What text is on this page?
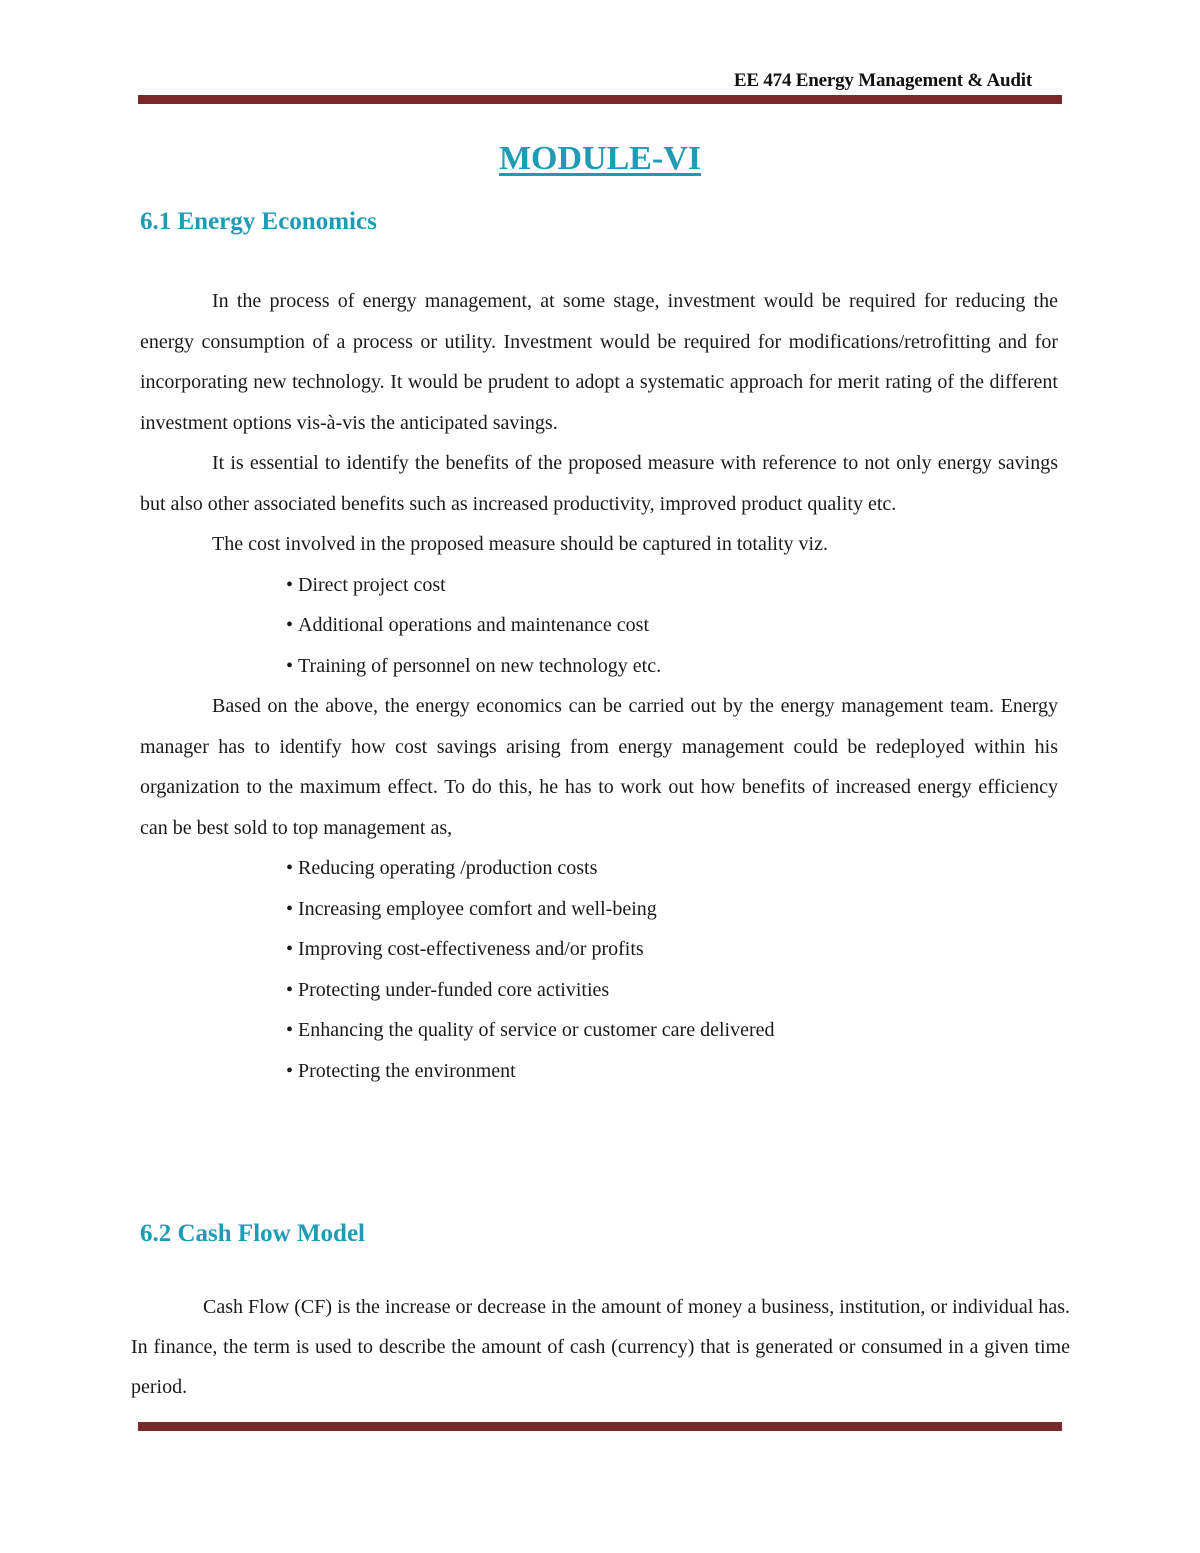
EE 474 Energy Management & Audit
MODULE-VI
6.1 Energy Economics

In the process of energy management, at some stage, investment would be required for reducing the energy consumption of a process or utility. Investment would be required for modifications/retrofitting and for incorporating new technology. It would be prudent to adopt a systematic approach for merit rating of the different investment options vis-à-vis the anticipated savings.

It is essential to identify the benefits of the proposed measure with reference to not only energy savings but also other associated benefits such as increased productivity, improved product quality etc.

The cost involved in the proposed measure should be captured in totality viz.

• Direct project cost
• Additional operations and maintenance cost
• Training of personnel on new technology etc.

Based on the above, the energy economics can be carried out by the energy management team. Energy manager has to identify how cost savings arising from energy management could be redeployed within his organization to the maximum effect. To do this, he has to work out how benefits of increased energy efficiency can be best sold to top management as,

• Reducing operating /production costs
• Increasing employee comfort and well-being
• Improving cost-effectiveness and/or profits
• Protecting under-funded core activities
• Enhancing the quality of service or customer care delivered
• Protecting the environment
6.2 Cash Flow Model

Cash Flow (CF) is the increase or decrease in the amount of money a business, institution, or individual has. In finance, the term is used to describe the amount of cash (currency) that is generated or consumed in a given time period.
